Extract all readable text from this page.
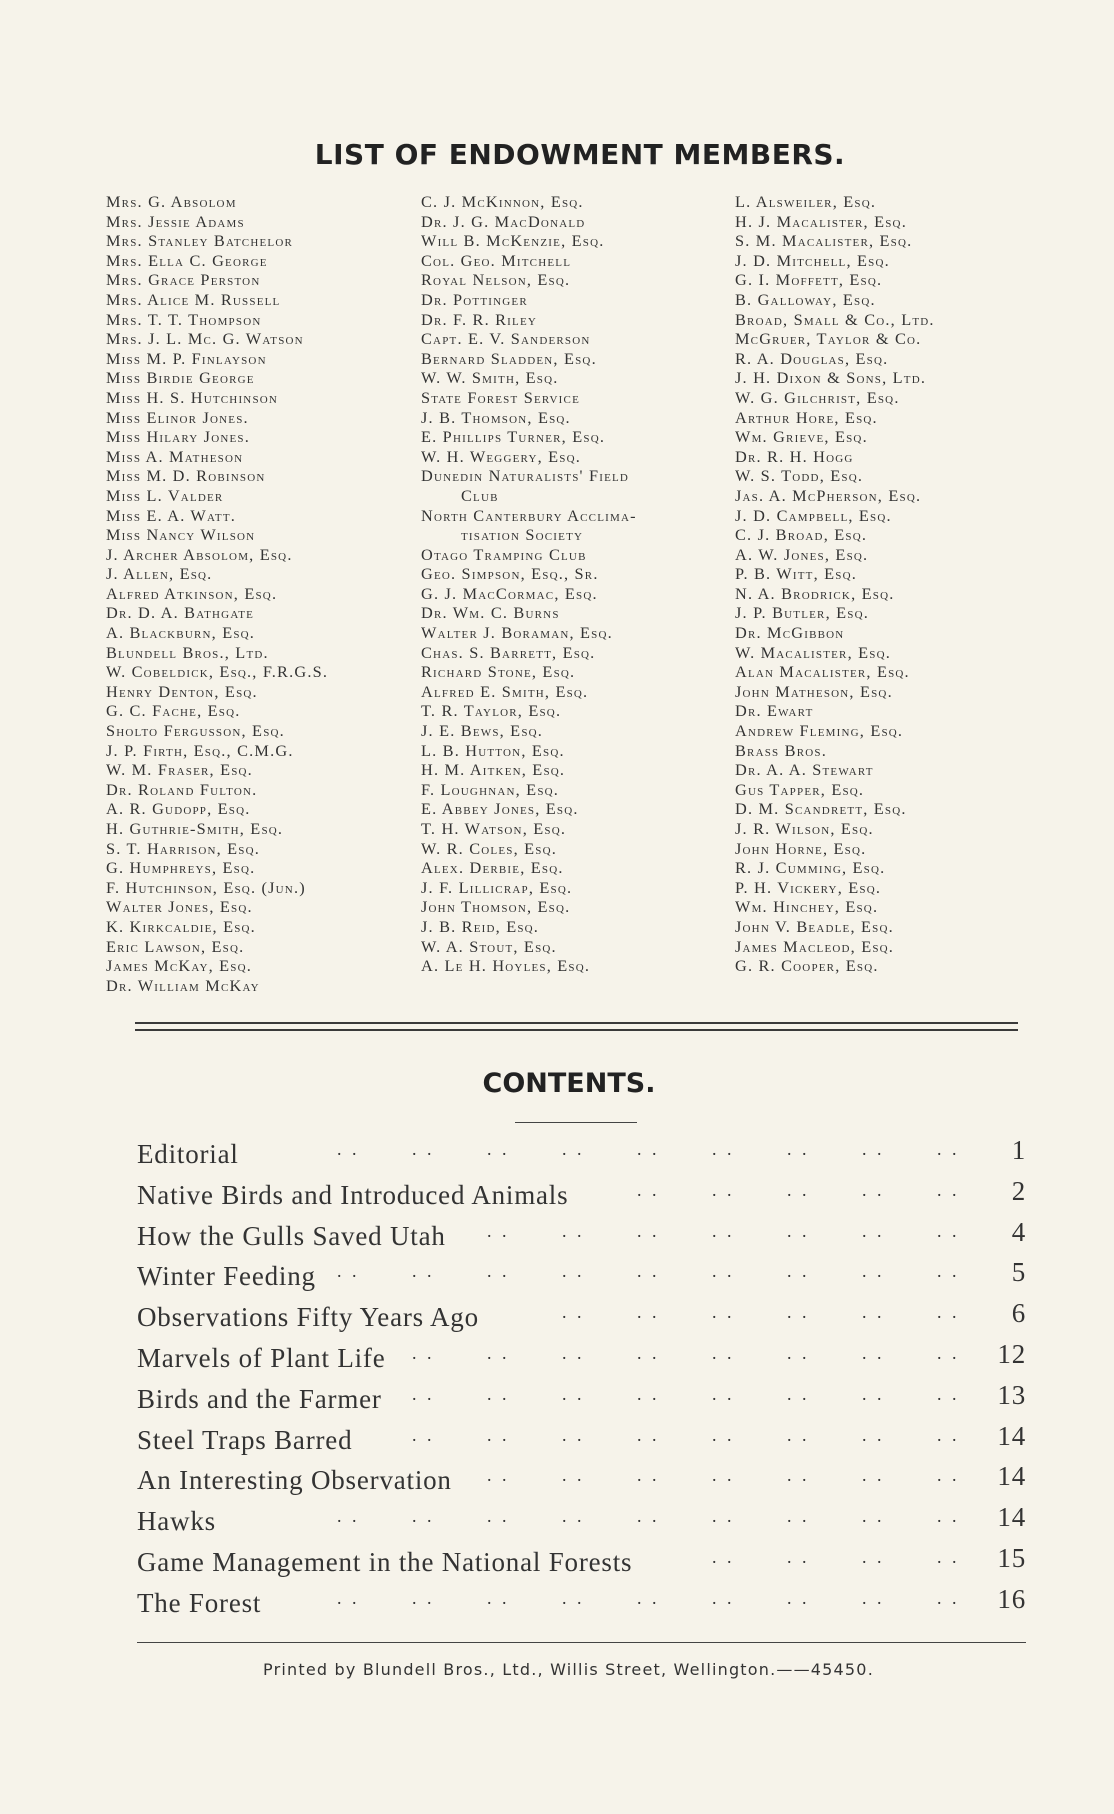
LIST OF ENDOWMENT MEMBERS.
Mrs. G. Absolom
Mrs. Jessie Adams
Mrs. Stanley Batchelor
Mrs. Ella C. George
Mrs. Grace Perston
Mrs. Alice M. Russell
Mrs. T. T. Thompson
Mrs. J. L. Mc. G. Watson
Miss M. P. Finlayson
Miss Birdie George
Miss H. S. Hutchinson
Miss Elinor Jones.
Miss Hilary Jones.
Miss A. Matheson
Miss M. D. Robinson
Miss L. Valder
Miss E. A. Watt.
Miss Nancy Wilson
J. Archer Absolom, Esq.
J. Allen, Esq.
Alfred Atkinson, Esq.
Dr. D. A. Bathgate
A. Blackburn, Esq.
Blundell Bros., Ltd.
W. Cobeldick, Esq., F.R.G.S.
Henry Denton, Esq.
G. C. Fache, Esq.
Sholto Fergusson, Esq.
J. P. Firth, Esq., C.M.G.
W. M. Fraser, Esq.
Dr. Roland Fulton.
A. R. Gudopp, Esq.
H. Guthrie-Smith, Esq.
S. T. Harrison, Esq.
G. Humphreys, Esq.
F. Hutchinson, Esq. (Jun.)
Walter Jones, Esq.
K. Kirkcaldie, Esq.
Eric Lawson, Esq.
James McKay, Esq.
Dr. William McKay
C. J. McKinnon, Esq.
Dr. J. G. MacDonald
Will B. McKenzie, Esq.
Col. Geo. Mitchell
Royal Nelson, Esq.
Dr. Pottinger
Dr. F. R. Riley
Capt. E. V. Sanderson
Bernard Sladden, Esq.
W. W. Smith, Esq.
State Forest Service
J. B. Thomson, Esq.
E. Phillips Turner, Esq.
W. H. Weggery, Esq.
Dunedin Naturalists' Field
Club
North Canterbury Acclima-
tisation Society
Otago Tramping Club
Geo. Simpson, Esq., Sr.
G. J. MacCormac, Esq.
Dr. Wm. C. Burns
Walter J. Boraman, Esq.
Chas. S. Barrett, Esq.
Richard Stone, Esq.
Alfred E. Smith, Esq.
T. R. Taylor, Esq.
J. E. Bews, Esq.
L. B. Hutton, Esq.
H. M. Aitken, Esq.
F. Loughnan, Esq.
E. Abbey Jones, Esq.
T. H. Watson, Esq.
W. R. Coles, Esq.
Alex. Derbie, Esq.
J. F. Lillicrap, Esq.
John Thomson, Esq.
J. B. Reid, Esq.
W. A. Stout, Esq.
A. Le H. Hoyles, Esq.
L. Alsweiler, Esq.
H. J. Macalister, Esq.
S. M. Macalister, Esq.
J. D. Mitchell, Esq.
G. I. Moffett, Esq.
B. Galloway, Esq.
Broad, Small & Co., Ltd.
McGruer, Taylor & Co.
R. A. Douglas, Esq.
J. H. Dixon & Sons, Ltd.
W. G. Gilchrist, Esq.
Arthur Hore, Esq.
Wm. Grieve, Esq.
Dr. R. H. Hogg
W. S. Todd, Esq.
Jas. A. McPherson, Esq.
J. D. Campbell, Esq.
C. J. Broad, Esq.
A. W. Jones, Esq.
P. B. Witt, Esq.
N. A. Brodrick, Esq.
J. P. Butler, Esq.
Dr. McGibbon
W. Macalister, Esq.
Alan Macalister, Esq.
John Matheson, Esq.
Dr. Ewart
Andrew Fleming, Esq.
Brass Bros.
Dr. A. A. Stewart
Gus Tapper, Esq.
D. M. Scandrett, Esq.
J. R. Wilson, Esq.
John Horne, Esq.
R. J. Cumming, Esq.
P. H. Vickery, Esq.
Wm. Hinchey, Esq.
John V. Beadle, Esq.
James Macleod, Esq.
G. R. Cooper, Esq.
CONTENTS.
. .	. .	. .	. .	. .	. .	. .	. .	. .
Editorial	1
. .	. .	. .	. .	. .
Native Birds and Introduced Animals	2
. .	. .	. .	. .	. .	. .	. .
How the Gulls Saved Utah	4
. .	. .	. .	. .	. .	. .	. .	. .	. .
Winter Feeding	5
. .	. .	. .	. .	. .	. .
Observations Fifty Years Ago	6
. .	. .	. .	. .	. .	. .	. .	. .
Marvels of Plant Life	12
. .	. .	. .	. .	. .	. .	. .	. .
Birds and the Farmer	13
. .	. .	. .	. .	. .	. .	. .	. .
Steel Traps Barred	14
. .	. .	. .	. .	. .	. .	. .
An Interesting Observation	14
. .	. .	. .	. .	. .	. .	. .	. .	. .
Hawks	14
. .	. .	. .	. .
Game Management in the National Forests	15
. .	. .	. .	. .	. .	. .	. .	. .	. .
The Forest	16
Printed by Blundell Bros., Ltd., Willis Street, Wellington.——45450.
